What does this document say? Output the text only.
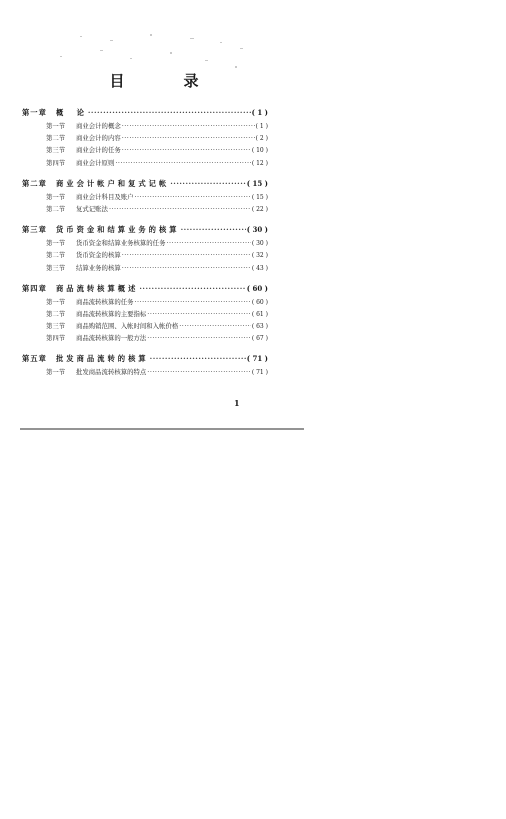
目　录
第一章	概　论 ·····	( 1 )
第一节	商业会计的概念 ·····	( 1 )
第二节	商业会计的内容 ·····	( 2 )
第三节	商业会计的任务 ·····	( 10 )
第四节	商业会计原则 ·····	( 12 )
第二章	商业会计帐户和复式记帐 ·····	( 15 )
第一节	商业会计科目及账户 ·····	( 15 )
第二节	复式记账法 ·····	( 22 )
第三章	货币资金和结算业务的核算 ·····	( 30 )
第一节	货币资金和结算业务核算的任务 ·····	( 30 )
第二节	货币资金的核算 ·····	( 32 )
第三节	结算业务的核算 ·····	( 43 )
第四章	商品流转核算概述 ·····	( 60 )
第一节	商品流转核算的任务 ·····	( 60 )
第二节	商品流转核算的主要指标 ·····	( 61 )
第三节	商品购销范围、入帐时间和入帐价格 ·····	( 63 )
第四节	商品流转核算的一般方法 ·····	( 67 )
第五章	批发商品流转的核算 ·····	( 71 )
第一节	批发商品流转核算的特点 ·····	( 71 )
1
